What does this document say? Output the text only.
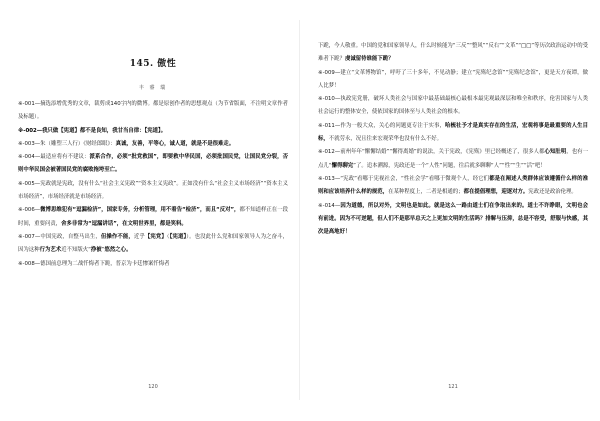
145. 傲性
丰 睿 瑞

※-001—摘选添增优秀的文章，裁剪成140字内的微博。都是原创作者的思想观点（为节省版面，不注明文章作者及标题）。

※-002—我只做【宪道】都不是良知，我甘当自律：【宪道】。

※-003—朱（雕塑三人行）《财经郎眼》：真诚，友善，平等心，诚人道，就是不是很难走。

※-004—最适应将有不建议：派系合作，必须“批党救国”，即要救中华民国，必须批国民党，让国民党分裂，否则中华民国会被著国民党的腐败拖垮至亡。

※-005—宪政就是宪政，没有什么“社会主义宪政”“资本主义宪政”。正如没有什么“社会主义市场经济”“资本主义市场经济”，市场经济就是市场经济。

※-006—微博思维犯有“逗漏检济”，国家专务，分析管理，用不着告“检济”，而且“反对”，都不知道样正在一段时间，重要问责，舍多非常为“逗漏讲话”，在文明世界里，都是笑料。

※-007—中国宪政，自整马出生，但操作不能，近乎【宪党】（【宪道】）。也没此什么党和国家领导人为之奋斗，因为这种行为艺术近不知版火“挣被”悠然之心。

※-008—德国前总理为二战忏悔者下跪，普京为卡廷惨案忏悔者

120

下跪，今人敬重。中国的党和国家领导人，什么时候能为“三反”“整风”“反右”“文革”“□□”等历次政治运动中的受难者下跪？虔诚留待谁能下跪？

※-009—建立“文革博物馆”，呼吁了三十多年，不见动静；建立“宪殇纪念馆”“宪殇纪念馆”，更是天方夜谭，做人比梦！

※-010—执政宪党册，破坏人类社会与国家中最基础最核心最根本最宪观最深层和唯全和秩序，伦害国家与人类社会运行的整体安全，使依国家的国体至与人类社会的根本。

※-011—作为一般大众，关心的问题更专注于实事，哈梳社予才是真实存在的生活，宏观将事是最重要的人生目标，不就劳永，况且往来宏观荣华也没有什么不好。

※-012—前州年年“懈懈结婚”“懈得离婚”的说法，关于宪政，《宪殇》里已经概述了，很多人都心知肚明，也有一点儿“懈得聊完”了。追本溯源，宪政还是一个“人性”问题，往后就多聊聊“人”“性”“生”“活”吧！

※-013—“宪政”看哪于宪视社会，“性社会学”看哪于微观个人，经它们都是在阐述人类群体应该遵循什么样的准则和应该培养什么样的规范，在某种程度上，二者是相通的；都在提倡理想，迎逐对方。宪政还是政治伦理。

※-014—因为道德，所以对外，文明也是如此。就是这么一路由道士们在争取出来的。道士不许睁眼，文明也会有前进。因为不可逆题，但人们不是那早总天之上更加文明的生活吗？排解与压抑，总是不容受，舒服与快感，其次是高地好！

121
